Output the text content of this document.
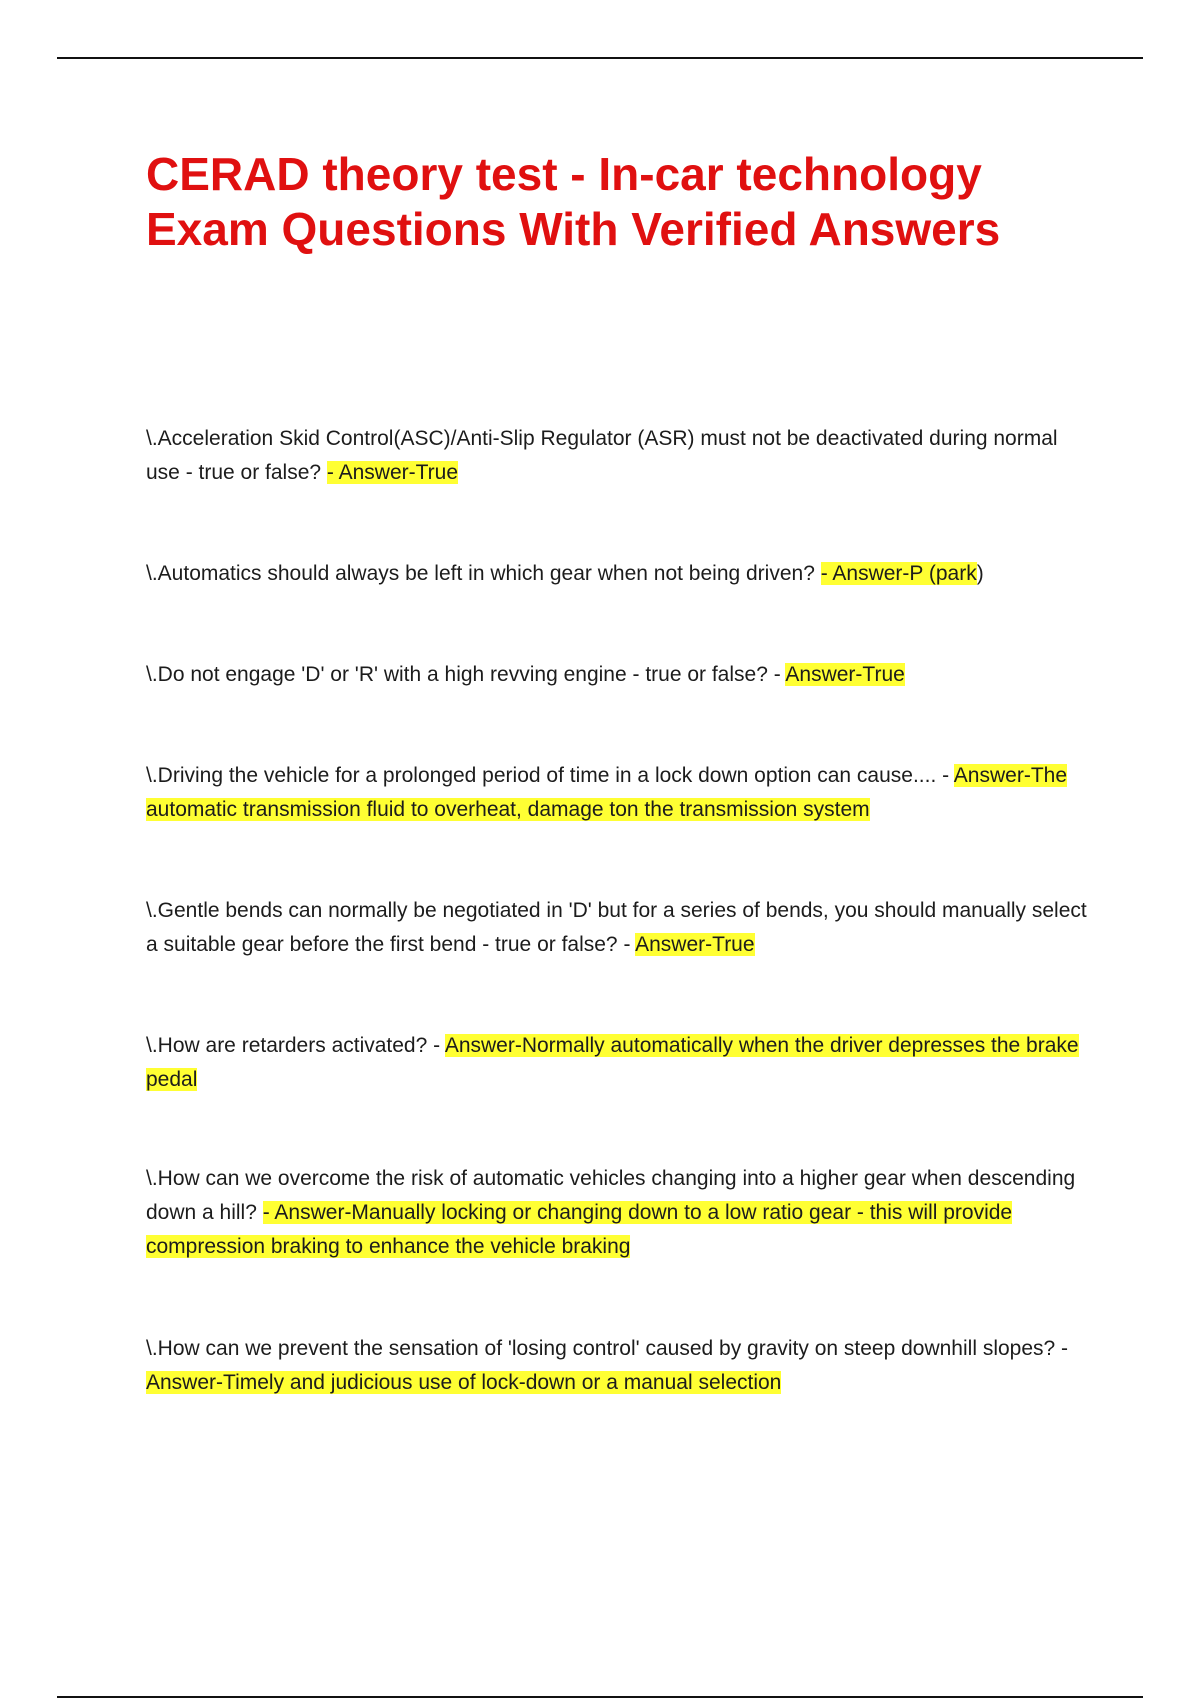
CERAD theory test - In-car technology Exam Questions With Verified Answers

\.Acceleration Skid Control(ASC)/Anti-Slip Regulator (ASR) must not be deactivated during normal use - true or false? - Answer-True

\.Automatics should always be left in which gear when not being driven? - Answer-P (park)

\.Do not engage 'D' or 'R' with a high revving engine - true or false? - Answer-True

\.Driving the vehicle for a prolonged period of time in a lock down option can cause.... - Answer-The automatic transmission fluid to overheat, damage ton the transmission system

\.Gentle bends can normally be negotiated in 'D' but for a series of bends, you should manually select a suitable gear before the first bend - true or false? - Answer-True

\.How are retarders activated? - Answer-Normally automatically when the driver depresses the brake pedal

\.How can we overcome the risk of automatic vehicles changing into a higher gear when descending down a hill? - Answer-Manually locking or changing down to a low ratio gear - this will provide compression braking to enhance the vehicle braking

\.How can we prevent the sensation of 'losing control' caused by gravity on steep downhill slopes? - Answer-Timely and judicious use of lock-down or a manual selection
